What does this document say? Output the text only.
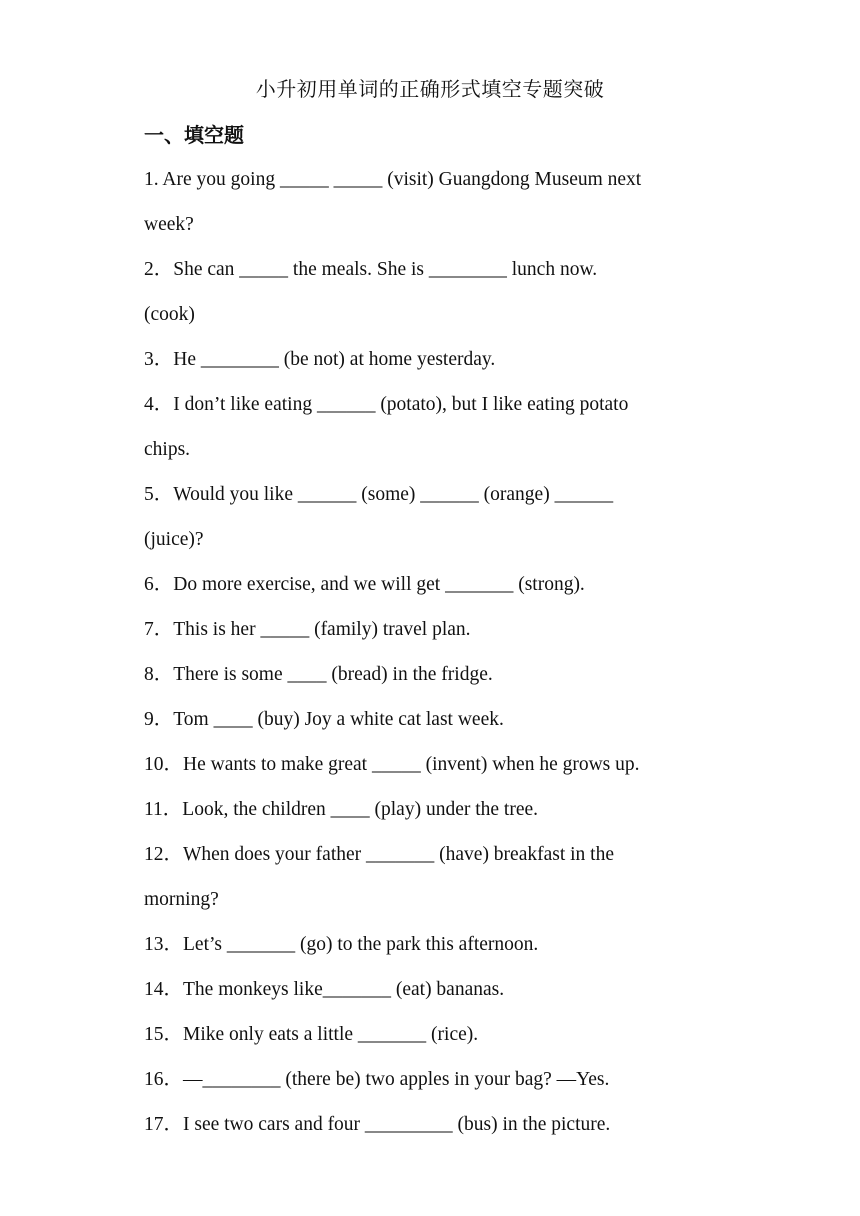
小升初用单词的正确形式填空专题突破
一、填空题
1. Are you going _____ _____ (visit) Guangdong Museum next
week?
2．She can _____ the meals. She is ________ lunch now.
(cook)
3．He ________ (be not) at home yesterday.
4．I don’t like eating ______ (potato), but I like eating potato
chips.
5．Would you like ______ (some) ______ (orange) ______
(juice)?
6．Do more exercise, and we will get _______ (strong).
7．This is her _____ (family) travel plan.
8．There is some ____ (bread) in the fridge.
9．Tom ____ (buy) Joy a white cat last week.
10．He wants to make great _____ (invent) when he grows up.
11．Look, the children ____ (play) under the tree.
12．When does your father _______ (have) breakfast in the
morning?
13．Let’s _______ (go) to the park this afternoon.
14．The monkeys like_______ (eat) bananas.
15．Mike only eats a little _______ (rice).
16．—________ (there be) two apples in your bag? —Yes.
17．I see two cars and four _________ (bus) in the picture.
